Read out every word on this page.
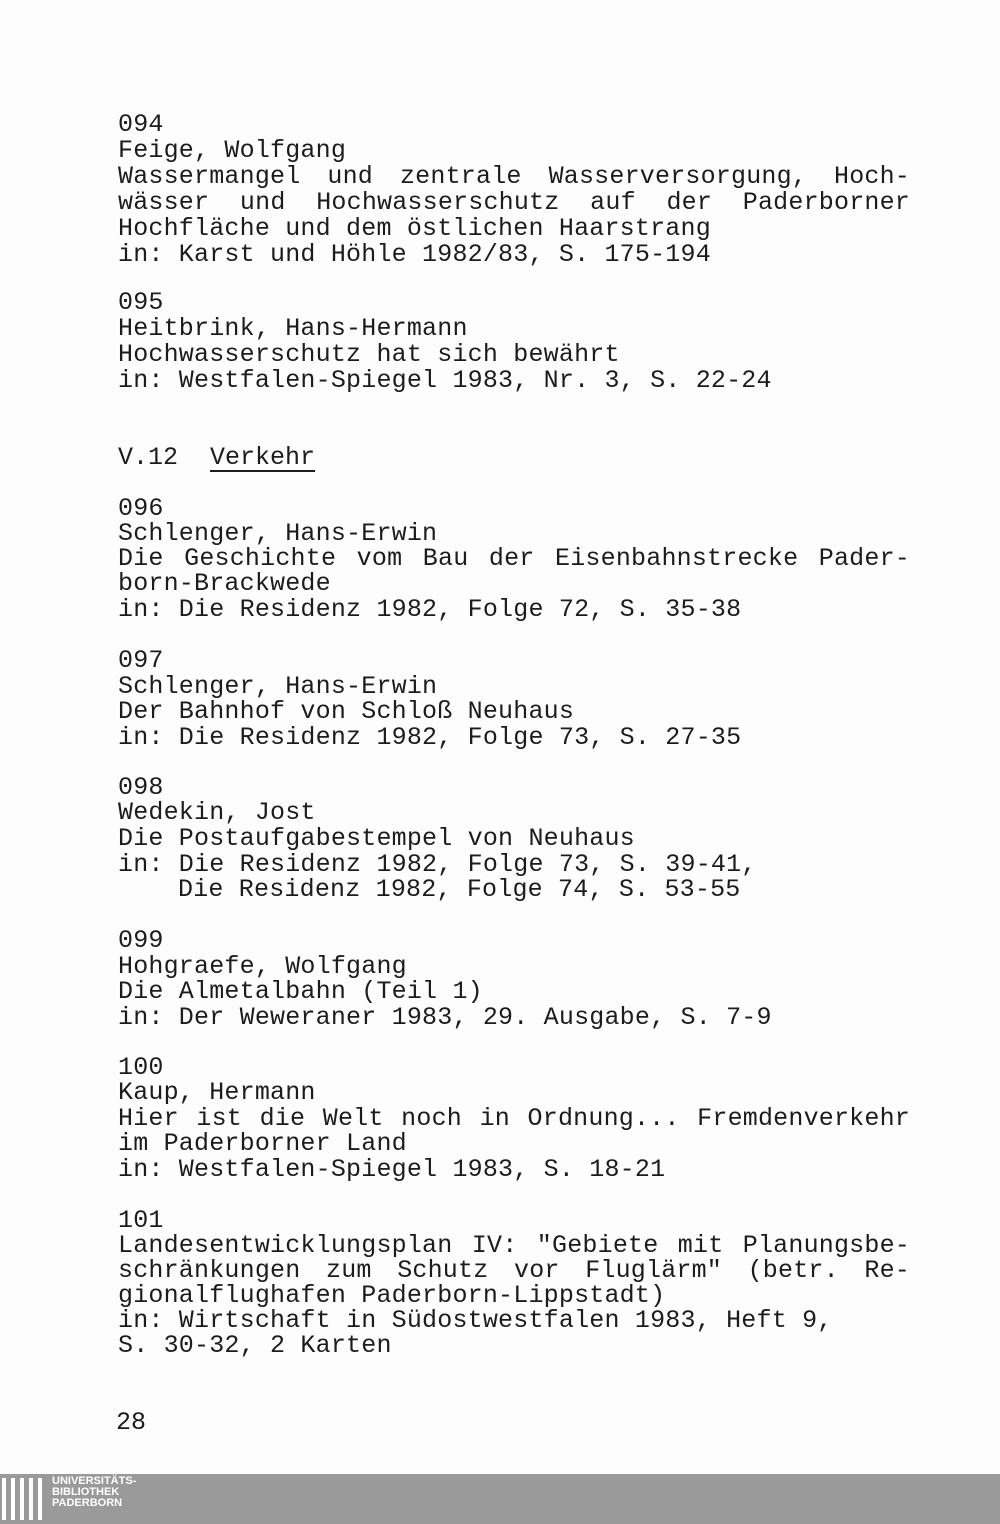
094
Feige, Wolfgang
Wassermangel und zentrale Wasserversorgung, Hoch-
wässer und Hochwasserschutz auf der Paderborner
Hochfläche und dem östlichen Haarstrang
in: Karst und Höhle 1982/83, S. 175-194
095
Heitbrink, Hans-Hermann
Hochwasserschutz hat sich bewährt
in: Westfalen-Spiegel 1983, Nr. 3, S. 22-24
V.12 Verkehr
096
Schlenger, Hans-Erwin
Die Geschichte vom Bau der Eisenbahnstrecke Pader-
born-Brackwede
in: Die Residenz 1982, Folge 72, S. 35-38
097
Schlenger, Hans-Erwin
Der Bahnhof von Schloß Neuhaus
in: Die Residenz 1982, Folge 73, S. 27-35
098
Wedekin, Jost
Die Postaufgabestempel von Neuhaus
in: Die Residenz 1982, Folge 73, S. 39-41,
Die Residenz 1982, Folge 74, S. 53-55
099
Hohgraefe, Wolfgang
Die Almetalbahn (Teil 1)
in: Der Weweraner 1983, 29. Ausgabe, S. 7-9
100
Kaup, Hermann
Hier ist die Welt noch in Ordnung... Fremdenverkehr
im Paderborner Land
in: Westfalen-Spiegel 1983, S. 18-21
101
Landesentwicklungsplan IV: "Gebiete mit Planungsbe-
schränkungen zum Schutz vor Fluglärm" (betr. Re-
gionalflughafen Paderborn-Lippstadt)
in: Wirtschaft in Südostwestfalen 1983, Heft 9,
S. 30-32, 2 Karten
28
UNIVERSITÄTS-
BIBLIOTHEK
PADERBORN
